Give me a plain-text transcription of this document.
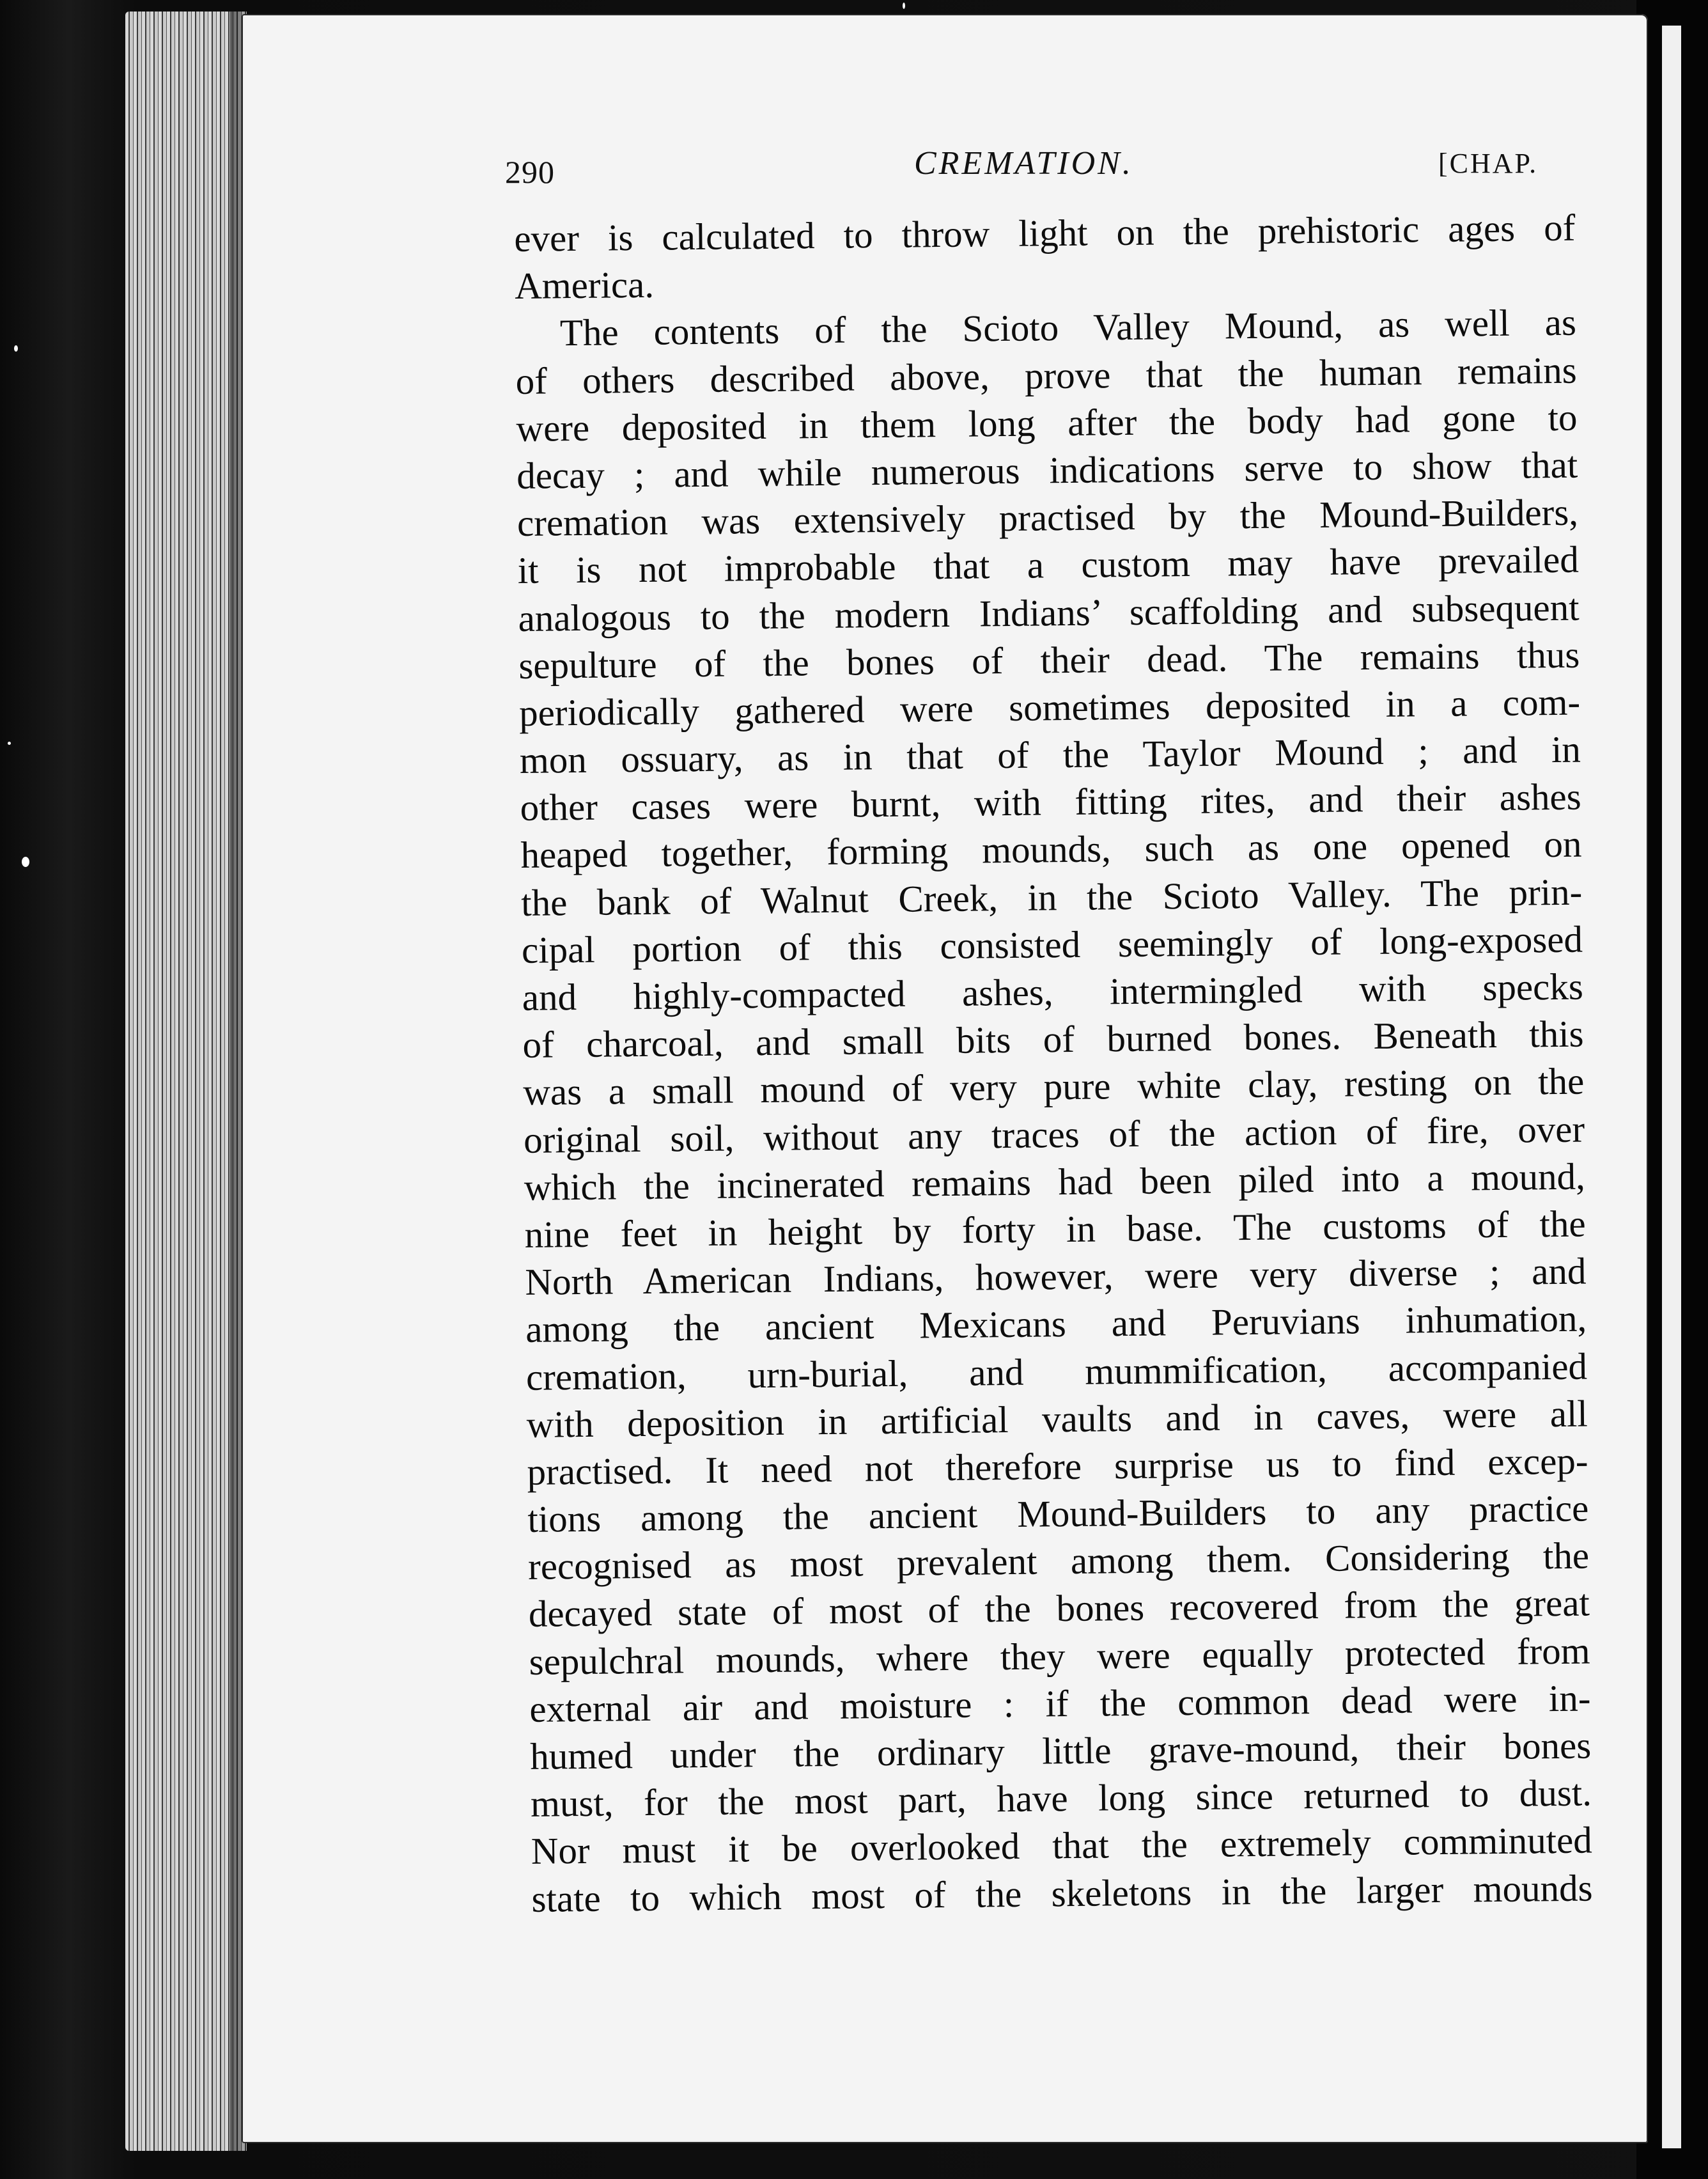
290	CREMATION.	[CHAP.
ever is calculated to throw light on the prehistoric ages of
America.
The contents of the Scioto Valley Mound, as well as
of others described above, prove that the human remains
were deposited in them long after the body had gone to
decay ; and while numerous indications serve to show that
cremation was extensively practised by the Mound-Builders,
it is not improbable that a custom may have prevailed
analogous to the modern Indians’ scaffolding and subsequent
sepulture of the bones of their dead. The remains thus
periodically gathered were sometimes deposited in a com-
mon ossuary, as in that of the Taylor Mound ; and in
other cases were burnt, with fitting rites, and their ashes
heaped together, forming mounds, such as one opened on
the bank of Walnut Creek, in the Scioto Valley. The prin-
cipal portion of this consisted seemingly of long-exposed
and highly-compacted ashes, intermingled with specks
of charcoal, and small bits of burned bones. Beneath this
was a small mound of very pure white clay, resting on the
original soil, without any traces of the action of fire, over
which the incinerated remains had been piled into a mound,
nine feet in height by forty in base. The customs of the
North American Indians, however, were very diverse ; and
among the ancient Mexicans and Peruvians inhumation,
cremation, urn-burial, and mummification, accompanied
with deposition in artificial vaults and in caves, were all
practised. It need not therefore surprise us to find excep-
tions among the ancient Mound-Builders to any practice
recognised as most prevalent among them. Considering the
decayed state of most of the bones recovered from the great
sepulchral mounds, where they were equally protected from
external air and moisture : if the common dead were in-
humed under the ordinary little grave-mound, their bones
must, for the most part, have long since returned to dust.
Nor must it be overlooked that the extremely comminuted
state to which most of the skeletons in the larger mounds
